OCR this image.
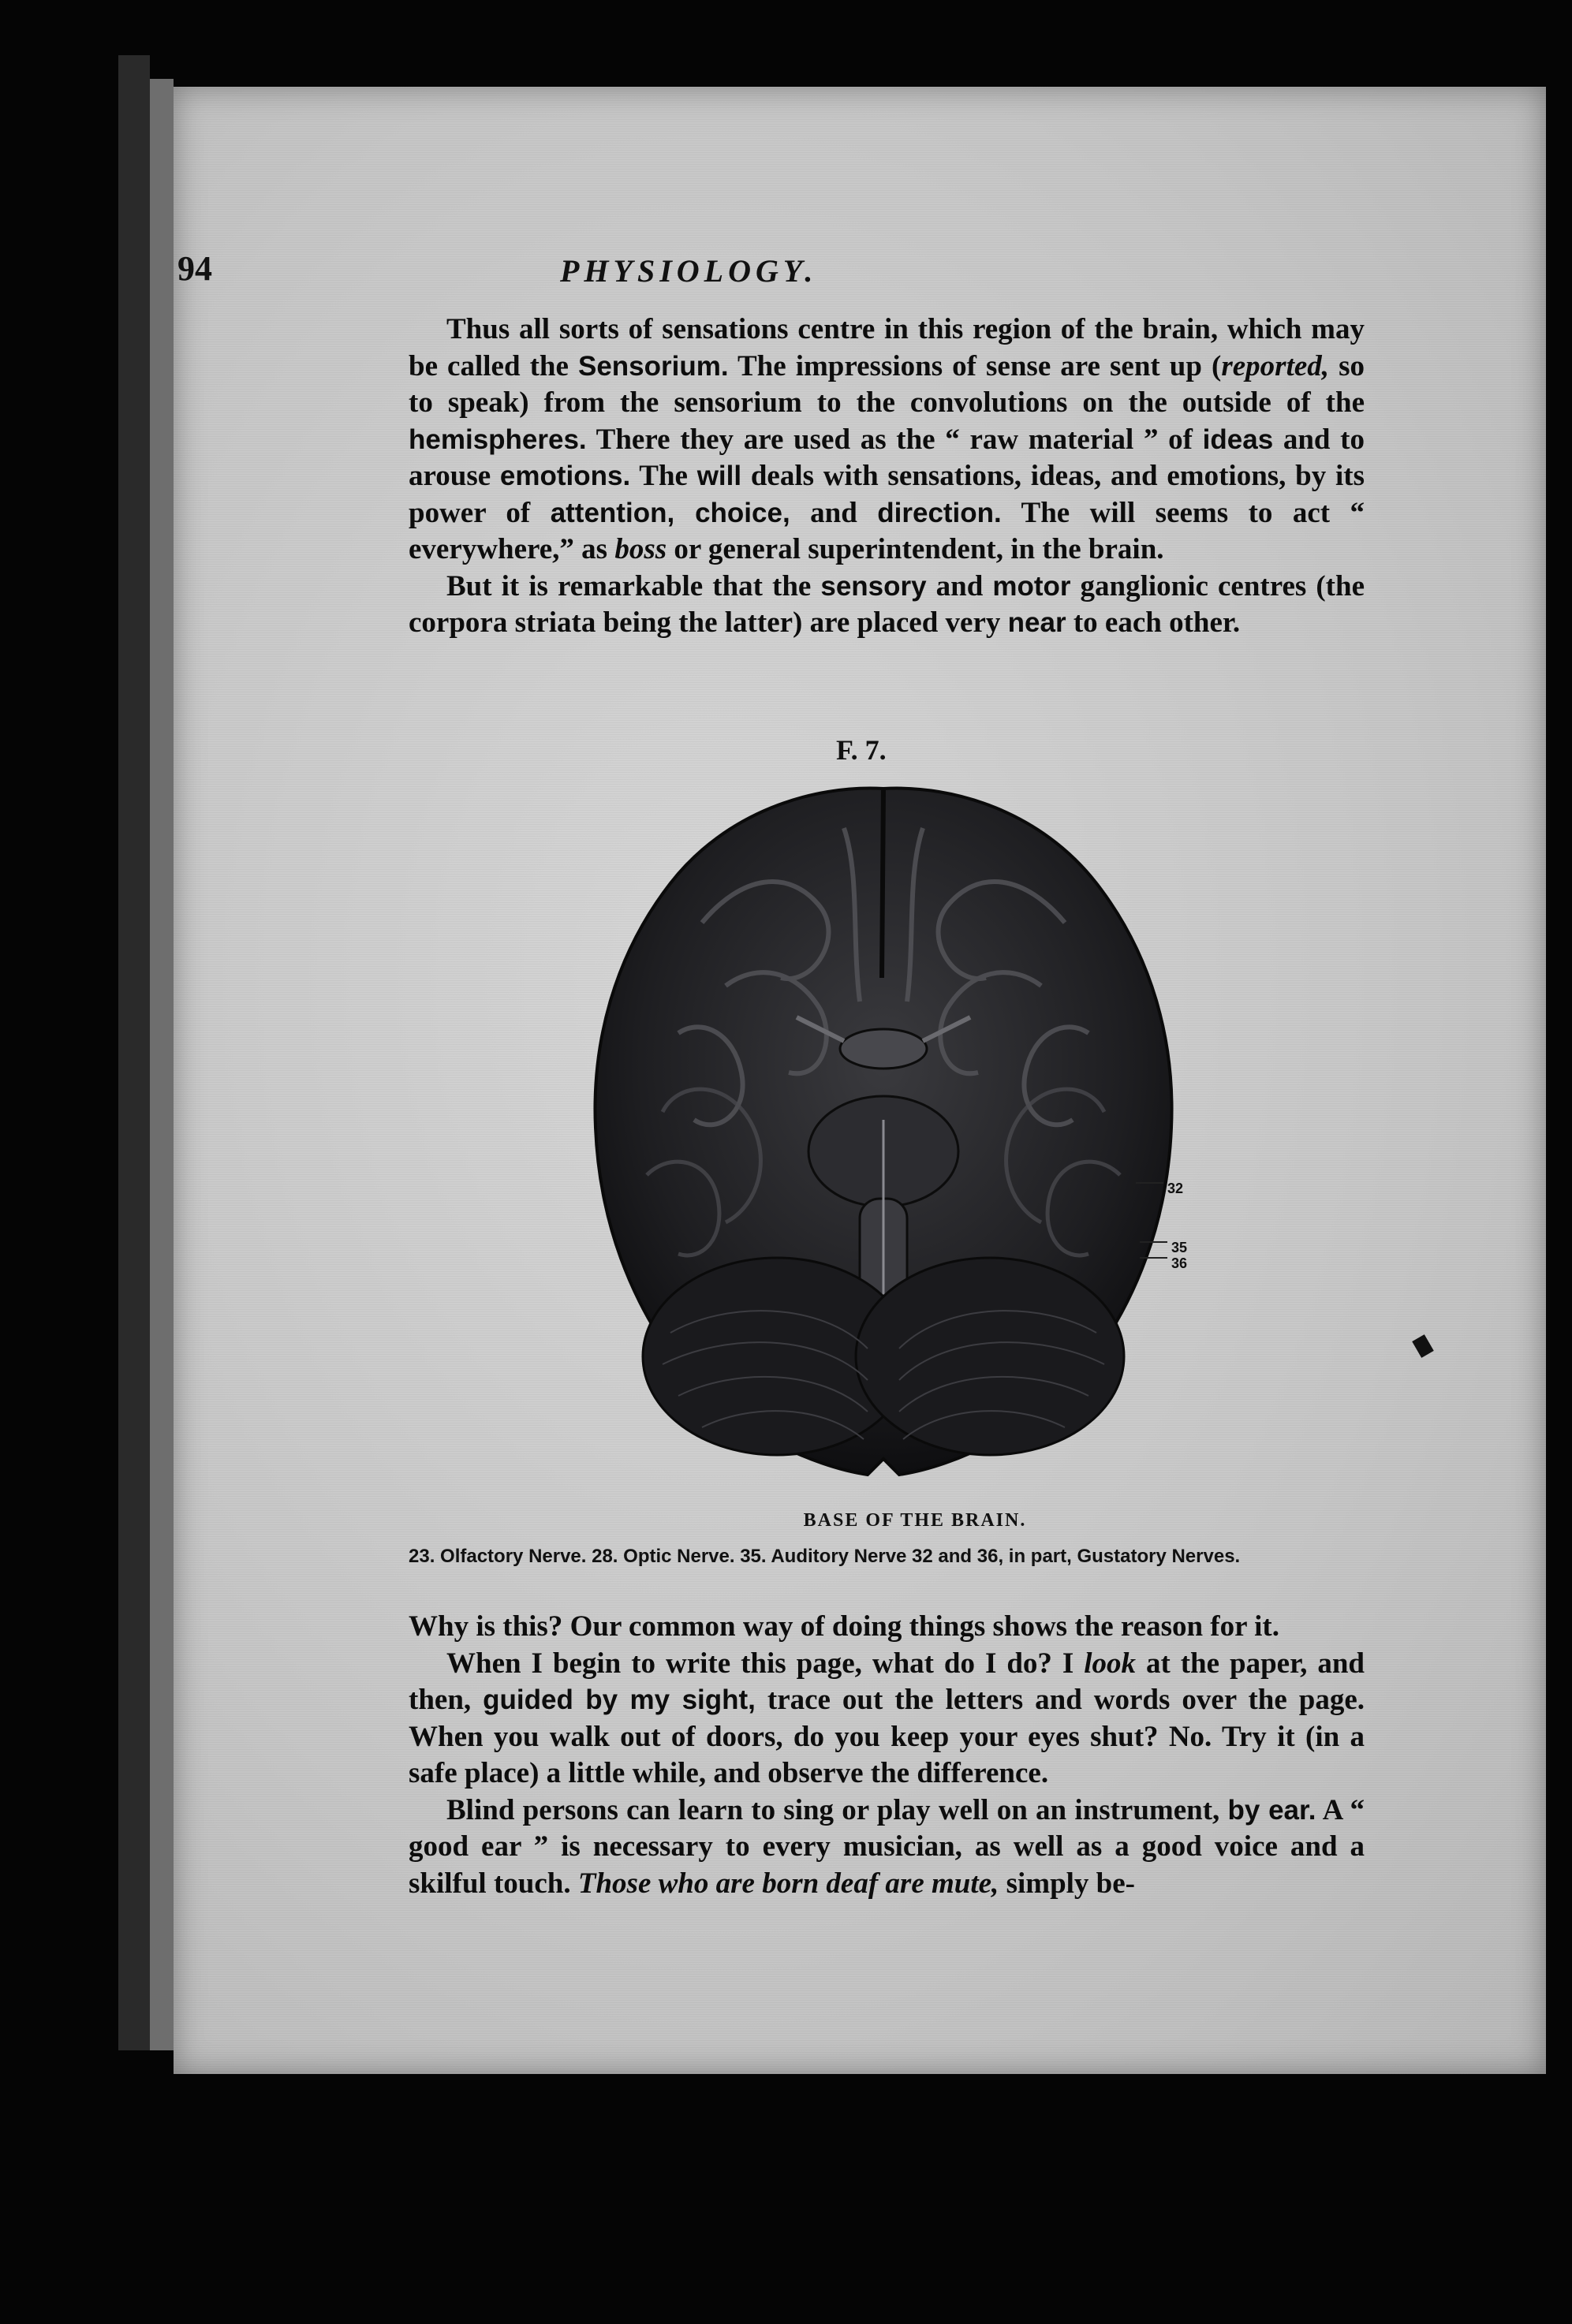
94	PHYSIOLOGY.

Thus all sorts of sensations centre in this region of the brain, which may be called the Sensorium. The impressions of sense are sent up (reported, so to speak) from the sensorium to the convolutions on the outside of the hemispheres. There they are used as the “ raw material ” of ideas and to arouse emotions. The will deals with sensations, ideas, and emotions, by its power of attention, choice, and direction. The will seems to act “ everywhere,” as boss or general superintendent, in the brain.

But it is remarkable that the sensory and motor ganglionic centres (the corpora striata being the latter) are placed very near to each other.

F. 7.
32
35
36
BASE OF THE BRAIN.
23. Olfactory Nerve. 28. Optic Nerve. 35. Auditory Nerve 32 and 36, in part, Gustatory Nerves.

Why is this? Our common way of doing things shows the reason for it.

When I begin to write this page, what do I do? I look at the paper, and then, guided by my sight, trace out the letters and words over the page. When you walk out of doors, do you keep your eyes shut? No. Try it (in a safe place) a little while, and observe the difference.

Blind persons can learn to sing or play well on an instrument, by ear. A “ good ear ” is necessary to every musician, as well as a good voice and a skilful touch. Those who are born deaf are mute, simply be-
